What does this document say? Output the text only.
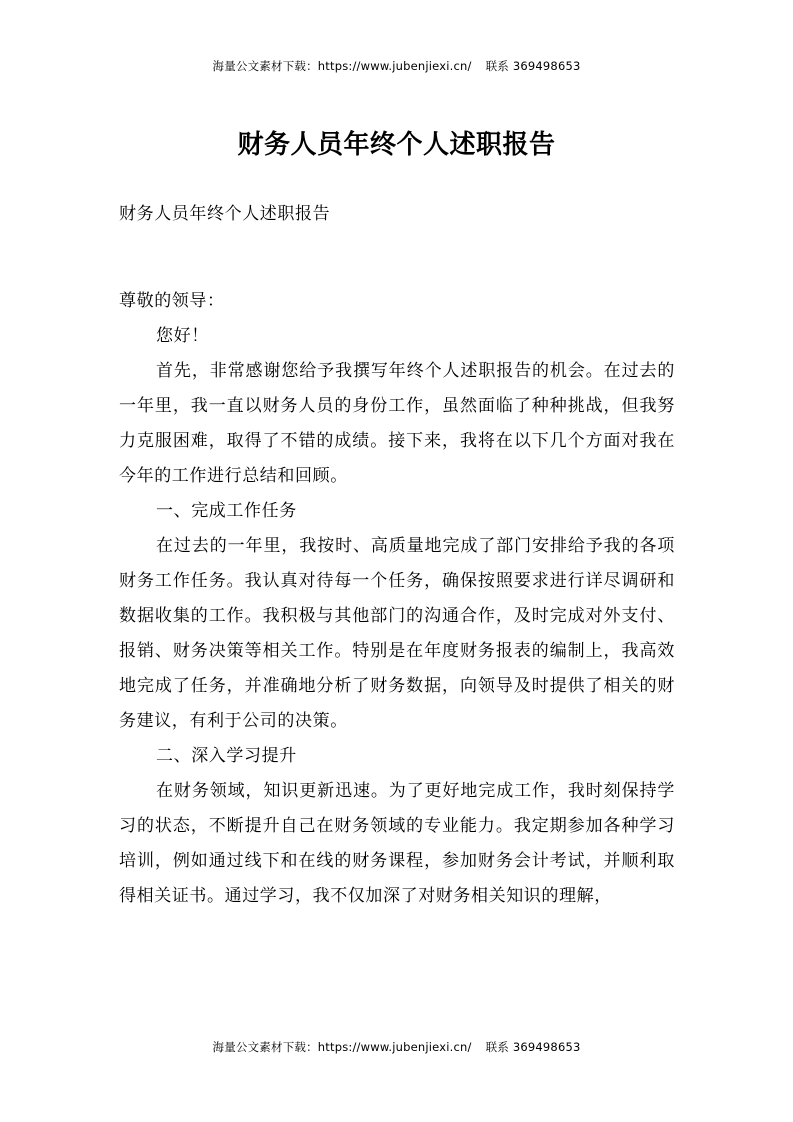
海量公文素材下载：https://www.jubenjiexi.cn/ 联系 369498653
财务人员年终个人述职报告

财务人员年终个人述职报告

尊敬的领导：

您好！

首先，非常感谢您给予我撰写年终个人述职报告的机会。在过去的一年里，我一直以财务人员的身份工作，虽然面临了种种挑战，但我努力克服困难，取得了不错的成绩。接下来，我将在以下几个方面对我在今年的工作进行总结和回顾。

一、完成工作任务

在过去的一年里，我按时、高质量地完成了部门安排给予我的各项财务工作任务。我认真对待每一个任务，确保按照要求进行详尽调研和数据收集的工作。我积极与其他部门的沟通合作，及时完成对外支付、报销、财务决策等相关工作。特别是在年度财务报表的编制上，我高效地完成了任务，并准确地分析了财务数据，向领导及时提供了相关的财务建议，有利于公司的决策。

二、深入学习提升

在财务领域，知识更新迅速。为了更好地完成工作，我时刻保持学习的状态，不断提升自己在财务领域的专业能力。我定期参加各种学习培训，例如通过线下和在线的财务课程，参加财务会计考试，并顺利取得相关证书。通过学习，我不仅加深了对财务相关知识的理解，

海量公文素材下载：https://www.jubenjiexi.cn/ 联系 369498653
